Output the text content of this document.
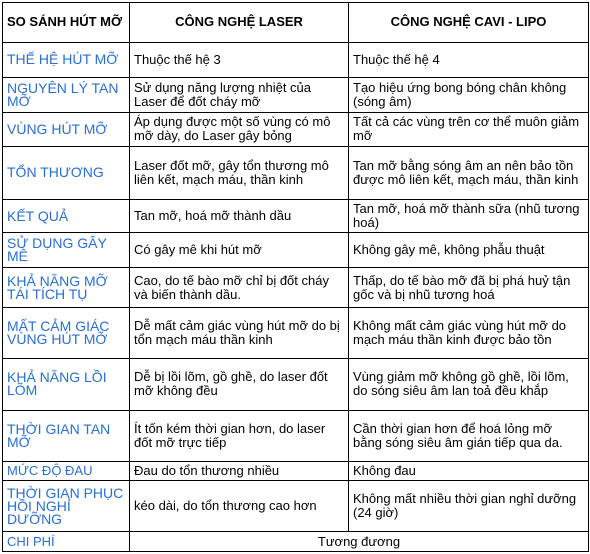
SO SÁNH HÚT MỠ	CÔNG NGHỆ LASER	CÔNG NGHỆ CAVI - LIPO
THẾ HỆ HÚT MỠ	Thuộc thế hệ 3	Thuộc thế hệ 4
NGUYÊN LÝ TAN MỠ	Sử dụng năng lượng nhiệt của Laser để đốt cháy mỡ	Tạo hiệu ứng bong bóng chân không (sóng âm)
VÙNG HÚT MỠ	Áp dụng được một số vùng có mô mỡ dày, do Laser gây bỏng	Tất cả các vùng trên cơ thể muôn giảm mỡ
TỔN THƯƠNG	Laser đốt mỡ, gây tổn thương mô liên kết, mạch máu, thần kinh	Tan mỡ bằng sóng âm an nên bảo tồn được mô liên kết, mạch máu, thần kinh
KẾT QUẢ	Tan mỡ, hoá mỡ thành dầu	Tan mỡ, hoá mỡ thành sữa (nhũ tương hoá)
SỬ DỤNG GÂY MÊ	Có gây mê khi hút mỡ	Không gây mê, không phẫu thuật
KHẢ NĂNG MỠ TÁI TÍCH TỤ	Cao, do tế bào mỡ chỉ bị đốt cháy và biến thành dầu.	Thấp, do tế bào mỡ đã bị phá huỷ tận gốc và bị nhũ tương hoá
MẤT CẢM GIÁC VÙNG HÚT MỠ	Dễ mất cảm giác vùng hút mỡ do bị tổn mạch máu thần kinh	Không mất cảm giác vùng hút mỡ do mạch máu thần kinh được bảo tồn
KHẢ NĂNG LỒI LÕM	Dễ bị lồi lõm, gồ ghề, do laser đốt mỡ không đều	Vùng giảm mỡ không gồ ghề, lồi lõm, do sóng siêu âm lan toả đều khắp
THỜI GIAN TAN MỠ	Ít tốn kém thời gian hơn, do laser đốt mỡ trực tiếp	Cần thời gian hơn để hoá lỏng mỡ bằng sóng siêu âm gián tiếp qua da.
MỨC ĐỘ ĐAU	Đau do tổn thương nhiều	Không đau
THỜI GIAN PHỤC HỒI NGHỈ DƯỠNG	kéo dài, do tổn thương cao hơn	Không mất nhiều thời gian nghỉ dưỡng (24 giờ)
CHI PHÍ	Tương đương	
